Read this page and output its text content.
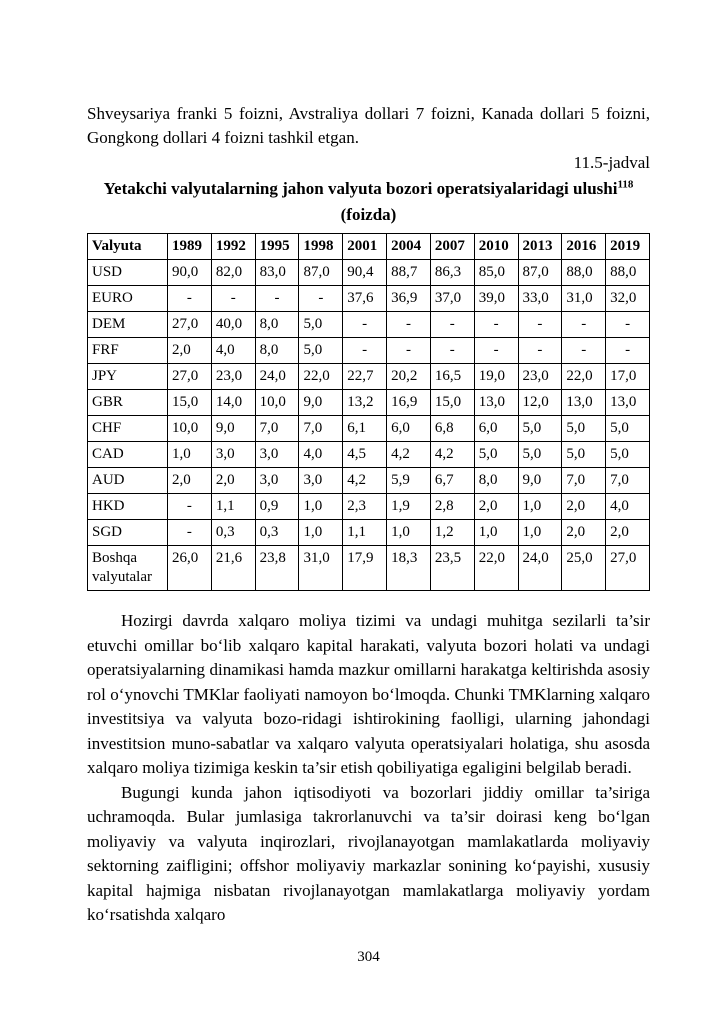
Shveysariya franki 5 foizni, Avstraliya dollari 7 foizni, Kanada dollari 5 foizni, Gongkong dollari 4 foizni tashkil etgan.

11.5-jadval

Yetakchi valyutalarning jahon valyuta bozori operatsiyalaridagi ulushi$^{118}$ (foizda)
Valyuta	1989	1992	1995	1998	2001	2004	2007	2010	2013	2016	2019
USD	90,0	82,0	83,0	87,0	90,4	88,7	86,3	85,0	87,0	88,0	88,0
EURO	-	-	-	-	37,6	36,9	37,0	39,0	33,0	31,0	32,0
DEM	27,0	40,0	8,0	5,0	-	-	-	-	-	-	-
FRF	2,0	4,0	8,0	5,0	-	-	-	-	-	-	-
JPY	27,0	23,0	24,0	22,0	22,7	20,2	16,5	19,0	23,0	22,0	17,0
GBR	15,0	14,0	10,0	9,0	13,2	16,9	15,0	13,0	12,0	13,0	13,0
CHF	10,0	9,0	7,0	7,0	6,1	6,0	6,8	6,0	5,0	5,0	5,0
CAD	1,0	3,0	3,0	4,0	4,5	4,2	4,2	5,0	5,0	5,0	5,0
AUD	2,0	2,0	3,0	3,0	4,2	5,9	6,7	8,0	9,0	7,0	7,0
HKD	-	1,1	0,9	1,0	2,3	1,9	2,8	2,0	1,0	2,0	4,0
SGD	-	0,3	0,3	1,0	1,1	1,0	1,2	1,0	1,0	2,0	2,0
Boshqa valyutalar	26,0	21,6	23,8	31,0	17,9	18,3	23,5	22,0	24,0	25,0	27,0

Hozirgi davrda xalqaro moliya tizimi va undagi muhitga sezilarli ta’sir etuvchi omillar bo‘lib xalqaro kapital harakati, valyuta bozori holati va undagi operatsiyalarning dinamikasi hamda mazkur omillarni harakatga keltirishda asosiy rol o‘ynovchi TMKlar faoliyati namoyon bo‘lmoqda. Chunki TMKlarning xalqaro investitsiya va valyuta bozo-ridagi ishtirokining faolligi, ularning jahondagi investitsion muno-sabatlar va xalqaro valyuta operatsiyalari holatiga, shu asosda xalqaro moliya tizimiga keskin ta’sir etish qobiliyatiga egaligini belgilab beradi.

Bugungi kunda jahon iqtisodiyoti va bozorlari jiddiy omillar ta’siriga uchramoqda. Bular jumlasiga takrorlanuvchi va ta’sir doirasi keng bo‘lgan moliyaviy va valyuta inqirozlari, rivojlanayotgan mamlakatlarda moliyaviy sektorning zaifligini; offshor moliyaviy markazlar sonining ko‘payishi, xususiy kapital hajmiga nisbatan rivojlanayotgan mamlakatlarga moliyaviy yordam ko‘rsatishda xalqaro

304
